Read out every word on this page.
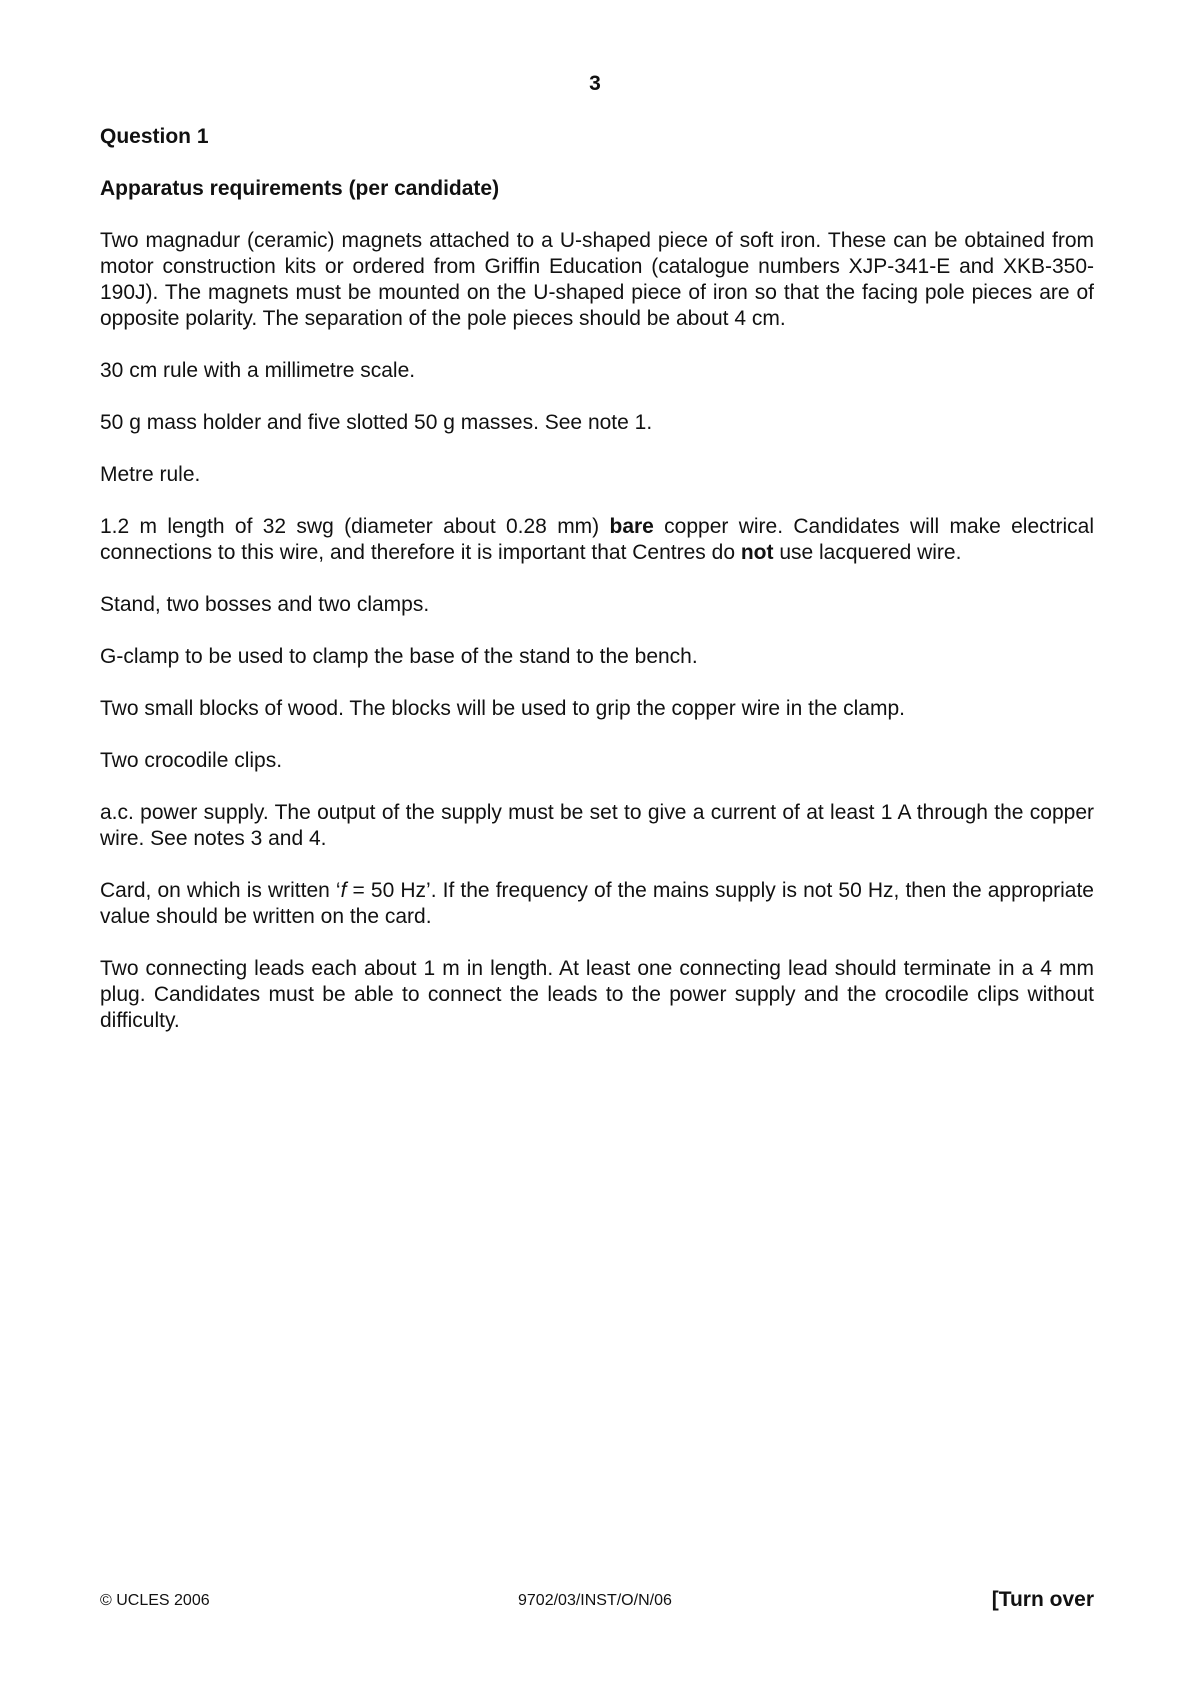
3

Question 1

Apparatus requirements (per candidate)

Two magnadur (ceramic) magnets attached to a U-shaped piece of soft iron. These can be obtained from motor construction kits or ordered from Griffin Education (catalogue numbers XJP-341-E and XKB-350-190J). The magnets must be mounted on the U-shaped piece of iron so that the facing pole pieces are of opposite polarity. The separation of the pole pieces should be about 4 cm.

30 cm rule with a millimetre scale.

50 g mass holder and five slotted 50 g masses. See note 1.

Metre rule.

1.2 m length of 32 swg (diameter about 0.28 mm) bare copper wire. Candidates will make electrical connections to this wire, and therefore it is important that Centres do not use lacquered wire.

Stand, two bosses and two clamps.

G-clamp to be used to clamp the base of the stand to the bench.

Two small blocks of wood. The blocks will be used to grip the copper wire in the clamp.

Two crocodile clips.

a.c. power supply. The output of the supply must be set to give a current of at least 1 A through the copper wire. See notes 3 and 4.

Card, on which is written ‘f = 50 Hz’. If the frequency of the mains supply is not 50 Hz, then the appropriate value should be written on the card.

Two connecting leads each about 1 m in length. At least one connecting lead should terminate in a 4 mm plug. Candidates must be able to connect the leads to the power supply and the crocodile clips without difficulty.

© UCLES 2006	9702/03/INST/O/N/06	[Turn over
